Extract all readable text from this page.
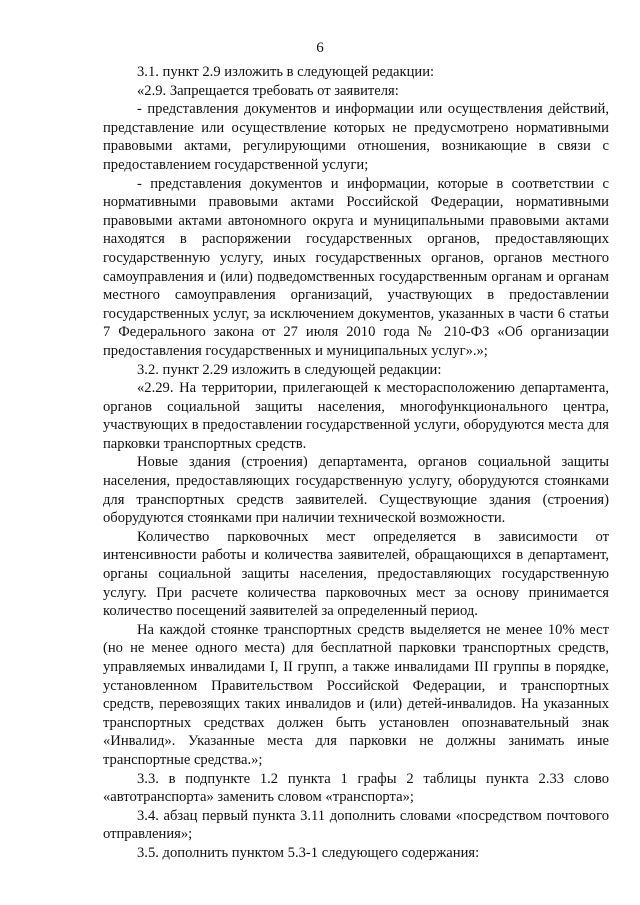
6

3.1. пункт 2.9 изложить в следующей редакции:

«2.9. Запрещается требовать от заявителя:

- представления документов и информации или осуществления действий, представление или осуществление которых не предусмотрено нормативными правовыми актами, регулирующими отношения, возникающие в связи с предоставлением государственной услуги;

- представления документов и информации, которые в соответствии с нормативными правовыми актами Российской Федерации, нормативными правовыми актами автономного округа и муниципальными правовыми актами находятся в распоряжении государственных органов, предоставляющих государственную услугу, иных государственных органов, органов местного самоуправления и (или) подведомственных государственным органам и органам местного самоуправления организаций, участвующих в предоставлении государственных услуг, за исключением документов, указанных в части 6 статьи 7 Федерального закона от 27 июля 2010 года № 210-ФЗ «Об организации предоставления государственных и муниципальных услуг».»;

3.2. пункт 2.29 изложить в следующей редакции:

«2.29. На территории, прилегающей к месторасположению департамента, органов социальной защиты населения, многофункционального центра, участвующих в предоставлении государственной услуги, оборудуются места для парковки транспортных средств.

Новые здания (строения) департамента, органов социальной защиты населения, предоставляющих государственную услугу, оборудуются стоянками для транспортных средств заявителей. Существующие здания (строения) оборудуются стоянками при наличии технической возможности.

Количество парковочных мест определяется в зависимости от интенсивности работы и количества заявителей, обращающихся в департамент, органы социальной защиты населения, предоставляющих государственную услугу. При расчете количества парковочных мест за основу принимается количество посещений заявителей за определенный период.

На каждой стоянке транспортных средств выделяется не менее 10% мест (но не менее одного места) для бесплатной парковки транспортных средств, управляемых инвалидами I, II групп, а также инвалидами III группы в порядке, установленном Правительством Российской Федерации, и транспортных средств, перевозящих таких инвалидов и (или) детей-инвалидов. На указанных транспортных средствах должен быть установлен опознавательный знак «Инвалид». Указанные места для парковки не должны занимать иные транспортные средства.»;

3.3. в подпункте 1.2 пункта 1 графы 2 таблицы пункта 2.33 слово «автотранспорта» заменить словом «транспорта»;

3.4. абзац первый пункта 3.11 дополнить словами «посредством почтового отправления»;

3.5. дополнить пунктом 5.3-1 следующего содержания:
